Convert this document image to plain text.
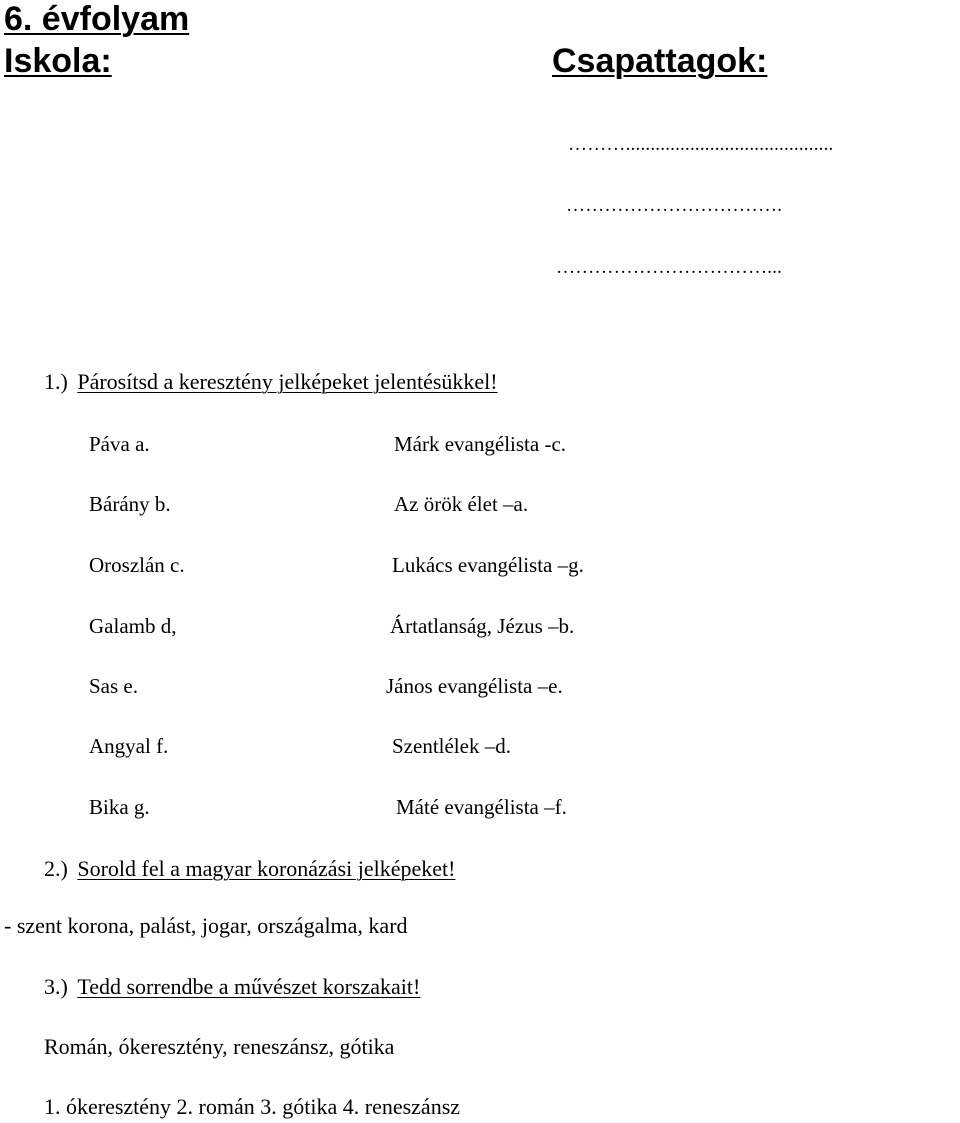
6. évfolyam
Iskola:	Csapattagok:
………..........................................
…………………………….
……………………………...
1.) Párosítsd a keresztény jelképeket jelentésükkel!
Páva a.
Bárány b.
Oroszlán c.
Galamb d,
Sas e.
Angyal f.
Bika g.
Márk evangélista -c.
Az örök élet –a.
Lukács evangélista –g.
Ártatlanság, Jézus –b.
János evangélista –e.
Szentlélek –d.
Máté evangélista –f.
2.) Sorold fel a magyar koronázási jelképeket!
- szent korona, palást, jogar, országalma, kard
3.) Tedd sorrendbe a művészet korszakait!
Román, ókeresztény, reneszánsz, gótika
1. ókeresztény 2. román 3. gótika 4. reneszánsz
